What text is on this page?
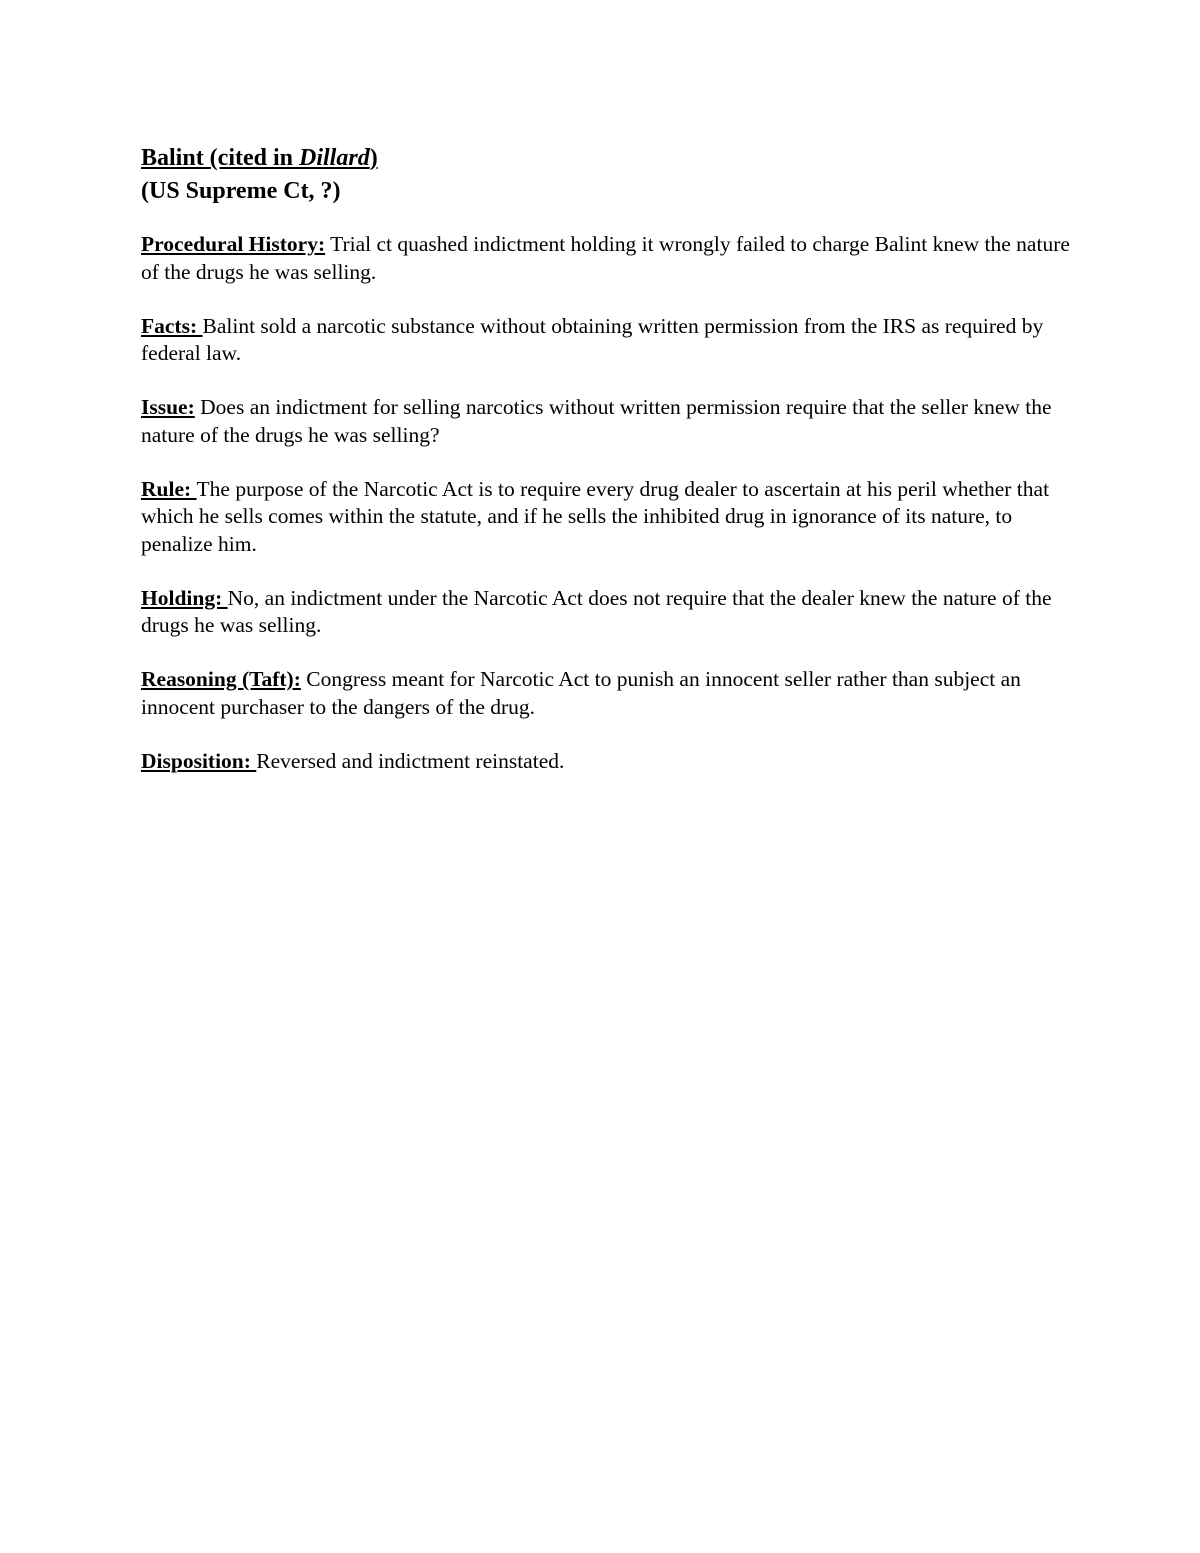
Balint (cited in Dillard)

(US Supreme Ct, ?)

Procedural History: Trial ct quashed indictment holding it wrongly failed to charge Balint knew the nature of the drugs he was selling.

Facts: Balint sold a narcotic substance without obtaining written permission from the IRS as required by federal law.

Issue: Does an indictment for selling narcotics without written permission require that the seller knew the nature of the drugs he was selling?

Rule: The purpose of the Narcotic Act is to require every drug dealer to ascertain at his peril whether that which he sells comes within the statute, and if he sells the inhibited drug in ignorance of its nature, to penalize him.

Holding: No, an indictment under the Narcotic Act does not require that the dealer knew the nature of the drugs he was selling.

Reasoning (Taft): Congress meant for Narcotic Act to punish an innocent seller rather than subject an innocent purchaser to the dangers of the drug.

Disposition: Reversed and indictment reinstated.
